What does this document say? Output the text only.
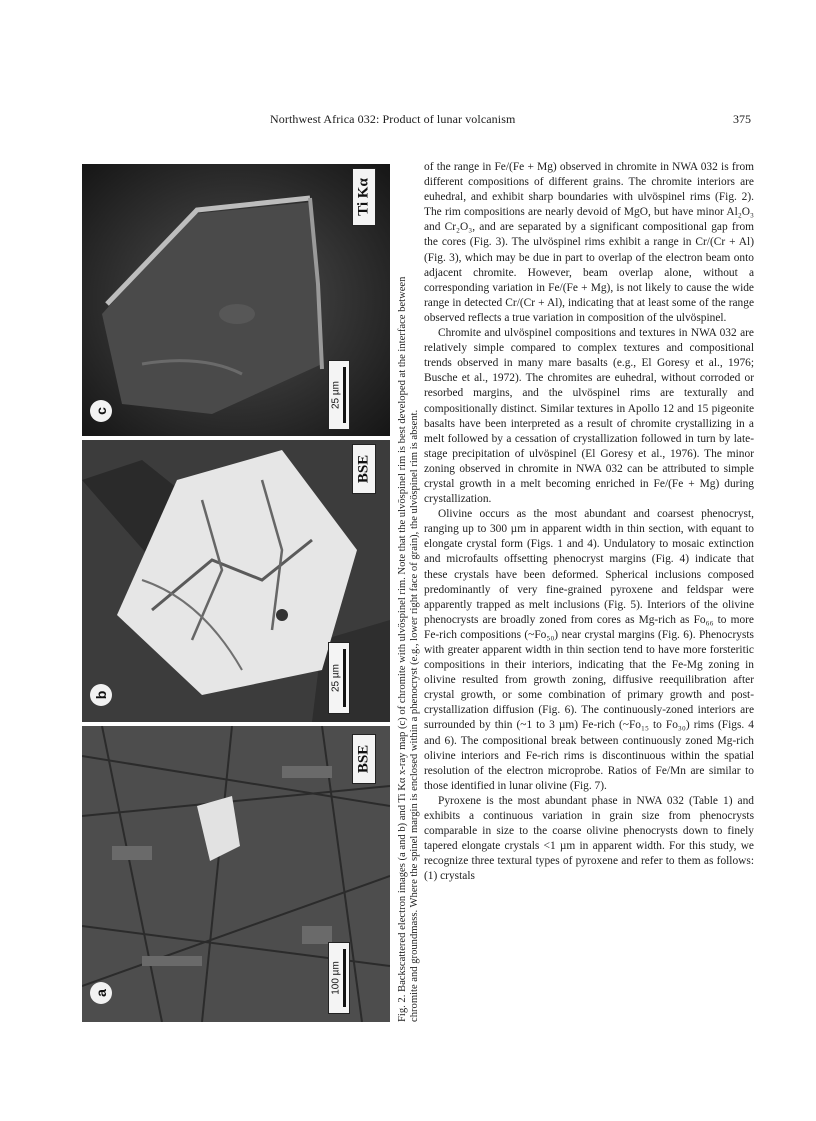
Northwest Africa 032: Product of lunar volcanism	375
c
25 µm
Ti Kα
b
25 µm
BSE
a	100 µm
BSE Fig. 2. Backscattered electron images (a and b) and Ti Kα x-ray map (c) of chromite with ulvöspinel rim. Note that the ulvöspinel rim is best developed at the interface between chromite and groundmass. Where the spinel margin is enclosed within a phenocryst (e.g., lower right face of grain), the ulvöspinel rim is absent.

of the range in Fe/(Fe + Mg) observed in chromite in NWA 032 is from different compositions of different grains. The chromite interiors are euhedral, and exhibit sharp boundaries with ulvöspinel rims (Fig. 2). The rim compositions are nearly devoid of MgO, but have minor Al₂O₃ and Cr₂O₃, and are separated by a significant compositional gap from the cores (Fig. 3). The ulvöspinel rims exhibit a range in Cr/(Cr + Al) (Fig. 3), which may be due in part to overlap of the electron beam onto adjacent chromite. However, beam overlap alone, without a corresponding variation in Fe/(Fe + Mg), is not likely to cause the wide range in detected Cr/(Cr + Al), indicating that at least some of the range observed reflects a true variation in composition of the ulvöspinel.

Chromite and ulvöspinel compositions and textures in NWA 032 are relatively simple compared to complex textures and compositional trends observed in many mare basalts (e.g., El Goresy et al., 1976; Busche et al., 1972). The chromites are euhedral, without corroded or resorbed margins, and the ulvöspinel rims are texturally and compositionally distinct. Similar textures in Apollo 12 and 15 pigeonite basalts have been interpreted as a result of chromite crystallizing in a melt followed by a cessation of crystallization followed in turn by late-stage precipitation of ulvöspinel (El Goresy et al., 1976). The minor zoning observed in chromite in NWA 032 can be attributed to simple crystal growth in a melt becoming enriched in Fe/(Fe + Mg) during crystallization.

Olivine occurs as the most abundant and coarsest phenocryst, ranging up to 300 µm in apparent width in thin section, with equant to elongate crystal form (Figs. 1 and 4). Undulatory to mosaic extinction and microfaults offsetting phenocryst margins (Fig. 4) indicate that these crystals have been deformed. Spherical inclusions composed predominantly of very fine-grained pyroxene and feldspar were apparently trapped as melt inclusions (Fig. 5). Interiors of the olivine phenocrysts are broadly zoned from cores as Mg-rich as Fo₆₆ to more Fe-rich compositions (~Fo₅₀) near crystal margins (Fig. 6). Phenocrysts with greater apparent width in thin section tend to have more forsteritic compositions in their interiors, indicating that the Fe-Mg zoning in olivine resulted from growth zoning, diffusive reequilibration after crystal growth, or some combination of primary growth and post-crystallization diffusion (Fig. 6). The continuously-zoned interiors are surrounded by thin (~1 to 3 µm) Fe-rich (~Fo₁₅ to Fo₃₀) rims (Figs. 4 and 6). The compositional break between continuously zoned Mg-rich olivine interiors and Fe-rich rims is discontinuous within the spatial resolution of the electron microprobe. Ratios of Fe/Mn are similar to those identified in lunar olivine (Fig. 7).

Pyroxene is the most abundant phase in NWA 032 (Table 1) and exhibits a continuous variation in grain size from phenocrysts comparable in size to the coarse olivine phenocrysts down to finely tapered elongate crystals <1 µm in apparent width. For this study, we recognize three textural types of pyroxene and refer to them as follows: (1) crystals
